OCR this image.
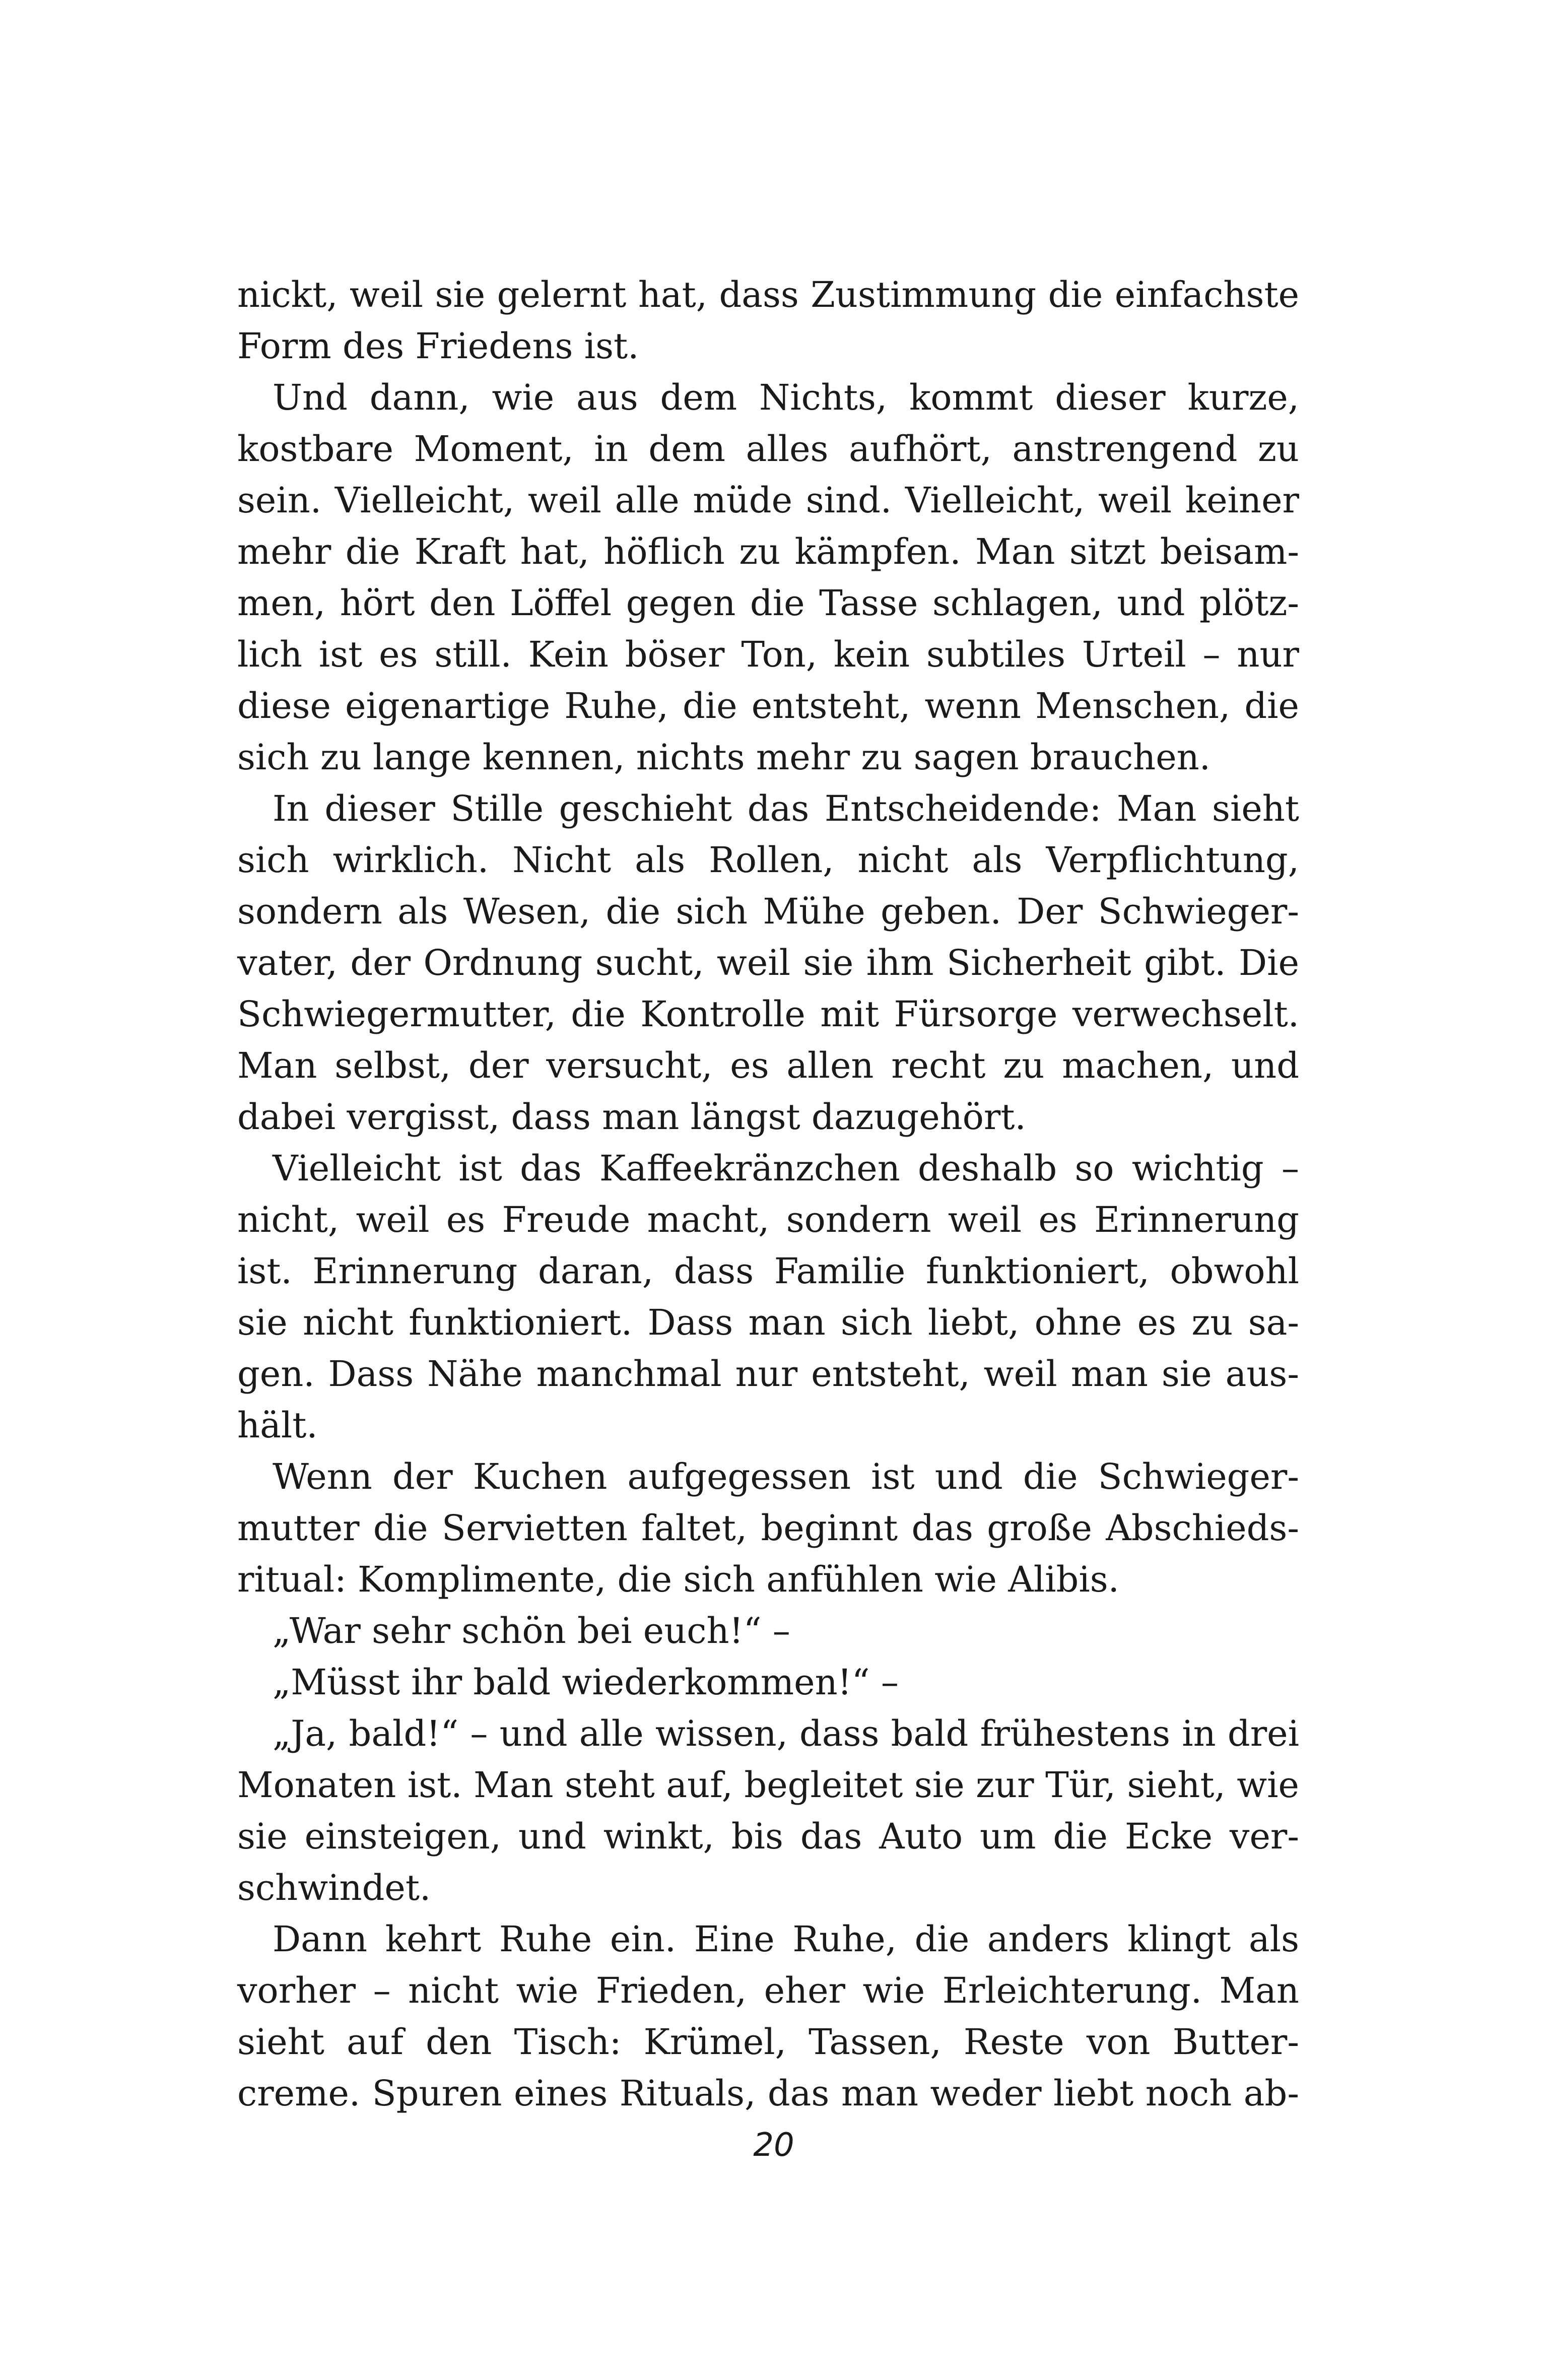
nickt, weil sie gelernt hat, dass Zustimmung die einfachste
Form des Friedens ist.
Und dann, wie aus dem Nichts, kommt dieser kurze,
kostbare Moment, in dem alles aufhört, anstrengend zu
sein. Vielleicht, weil alle müde sind. Vielleicht, weil keiner
mehr die Kraft hat, höflich zu kämpfen. Man sitzt beisam-
men, hört den Löffel gegen die Tasse schlagen, und plötz-
lich ist es still. Kein böser Ton, kein subtiles Urteil – nur
diese eigenartige Ruhe, die entsteht, wenn Menschen, die
sich zu lange kennen, nichts mehr zu sagen brauchen.
In dieser Stille geschieht das Entscheidende: Man sieht
sich wirklich. Nicht als Rollen, nicht als Verpflichtung,
sondern als Wesen, die sich Mühe geben. Der Schwieger-
vater, der Ordnung sucht, weil sie ihm Sicherheit gibt. Die
Schwiegermutter, die Kontrolle mit Fürsorge verwechselt.
Man selbst, der versucht, es allen recht zu machen, und
dabei vergisst, dass man längst dazugehört.
Vielleicht ist das Kaffeekränzchen deshalb so wichtig –
nicht, weil es Freude macht, sondern weil es Erinnerung
ist. Erinnerung daran, dass Familie funktioniert, obwohl
sie nicht funktioniert. Dass man sich liebt, ohne es zu sa-
gen. Dass Nähe manchmal nur entsteht, weil man sie aus-
hält.
Wenn der Kuchen aufgegessen ist und die Schwieger-
mutter die Servietten faltet, beginnt das große Abschieds-
ritual: Komplimente, die sich anfühlen wie Alibis.
„War sehr schön bei euch!“ –
„Müsst ihr bald wiederkommen!“ –
„Ja, bald!“ – und alle wissen, dass bald frühestens in drei
Monaten ist. Man steht auf, begleitet sie zur Tür, sieht, wie
sie einsteigen, und winkt, bis das Auto um die Ecke ver-
schwindet.
Dann kehrt Ruhe ein. Eine Ruhe, die anders klingt als
vorher – nicht wie Frieden, eher wie Erleichterung. Man
sieht auf den Tisch: Krümel, Tassen, Reste von Butter-
creme. Spuren eines Rituals, das man weder liebt noch ab-
20
